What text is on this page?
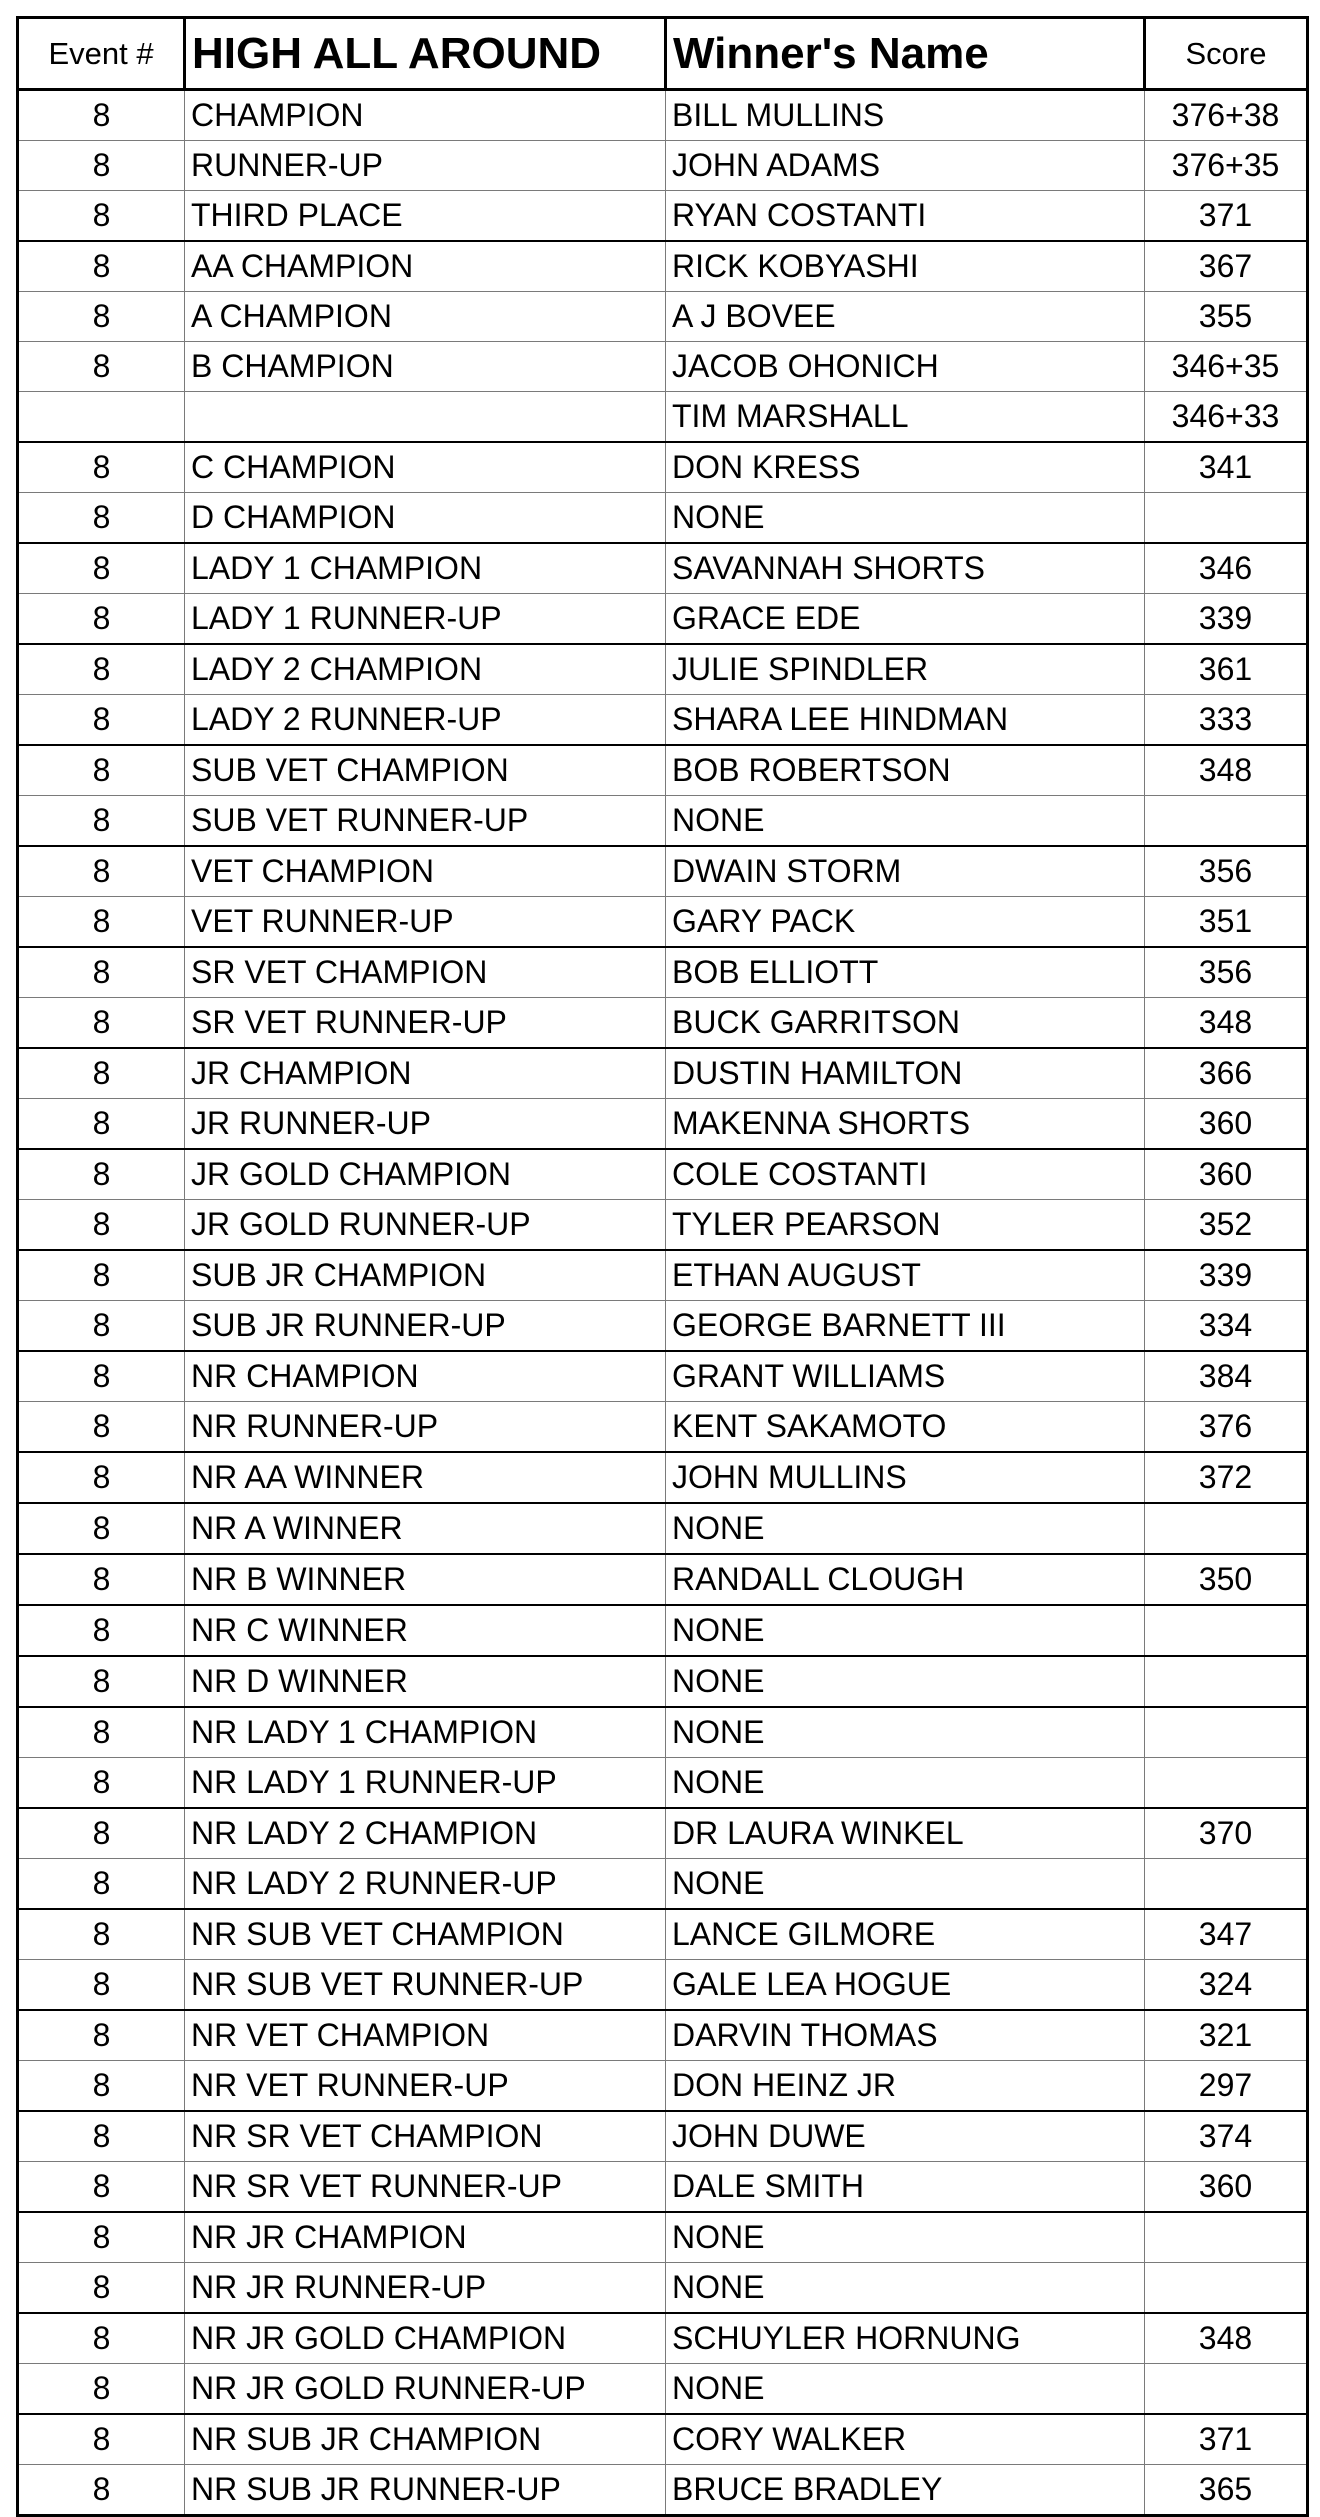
Event #	HIGH ALL AROUND	Winner's Name	Score
8	CHAMPION	BILL MULLINS	376+38
8	RUNNER-UP	JOHN ADAMS	376+35
8	THIRD PLACE	RYAN COSTANTI	371
8	AA CHAMPION	RICK KOBYASHI	367
8	A CHAMPION	A J BOVEE	355
8	B CHAMPION	JACOB OHONICH	346+35
		TIM MARSHALL	346+33
8	C CHAMPION	DON KRESS	341
8	D CHAMPION	NONE	
8	LADY 1 CHAMPION	SAVANNAH SHORTS	346
8	LADY 1 RUNNER-UP	GRACE EDE	339
8	LADY 2 CHAMPION	JULIE SPINDLER	361
8	LADY 2 RUNNER-UP	SHARA LEE HINDMAN	333
8	SUB VET CHAMPION	BOB ROBERTSON	348
8	SUB VET RUNNER-UP	NONE	
8	VET CHAMPION	DWAIN STORM	356
8	VET RUNNER-UP	GARY PACK	351
8	SR VET CHAMPION	BOB ELLIOTT	356
8	SR VET RUNNER-UP	BUCK GARRITSON	348
8	JR CHAMPION	DUSTIN HAMILTON	366
8	JR RUNNER-UP	MAKENNA SHORTS	360
8	JR GOLD CHAMPION	COLE COSTANTI	360
8	JR GOLD RUNNER-UP	TYLER PEARSON	352
8	SUB JR CHAMPION	ETHAN AUGUST	339
8	SUB JR RUNNER-UP	GEORGE BARNETT III	334
8	NR CHAMPION	GRANT WILLIAMS	384
8	NR RUNNER-UP	KENT SAKAMOTO	376
8	NR AA WINNER	JOHN MULLINS	372
8	NR A WINNER	NONE	
8	NR B WINNER	RANDALL CLOUGH	350
8	NR C WINNER	NONE	
8	NR D WINNER	NONE	
8	NR LADY 1 CHAMPION	NONE	
8	NR LADY 1 RUNNER-UP	NONE	
8	NR LADY 2 CHAMPION	DR LAURA WINKEL	370
8	NR LADY 2 RUNNER-UP	NONE	
8	NR SUB VET CHAMPION	LANCE GILMORE	347
8	NR SUB VET RUNNER-UP	GALE LEA HOGUE	324
8	NR VET CHAMPION	DARVIN THOMAS	321
8	NR VET RUNNER-UP	DON HEINZ JR	297
8	NR SR VET CHAMPION	JOHN DUWE	374
8	NR SR VET RUNNER-UP	DALE SMITH	360
8	NR JR CHAMPION	NONE	
8	NR JR RUNNER-UP	NONE	
8	NR JR GOLD CHAMPION	SCHUYLER HORNUNG	348
8	NR JR GOLD RUNNER-UP	NONE	
8	NR SUB JR CHAMPION	CORY WALKER	371
8	NR SUB JR RUNNER-UP	BRUCE BRADLEY	365
